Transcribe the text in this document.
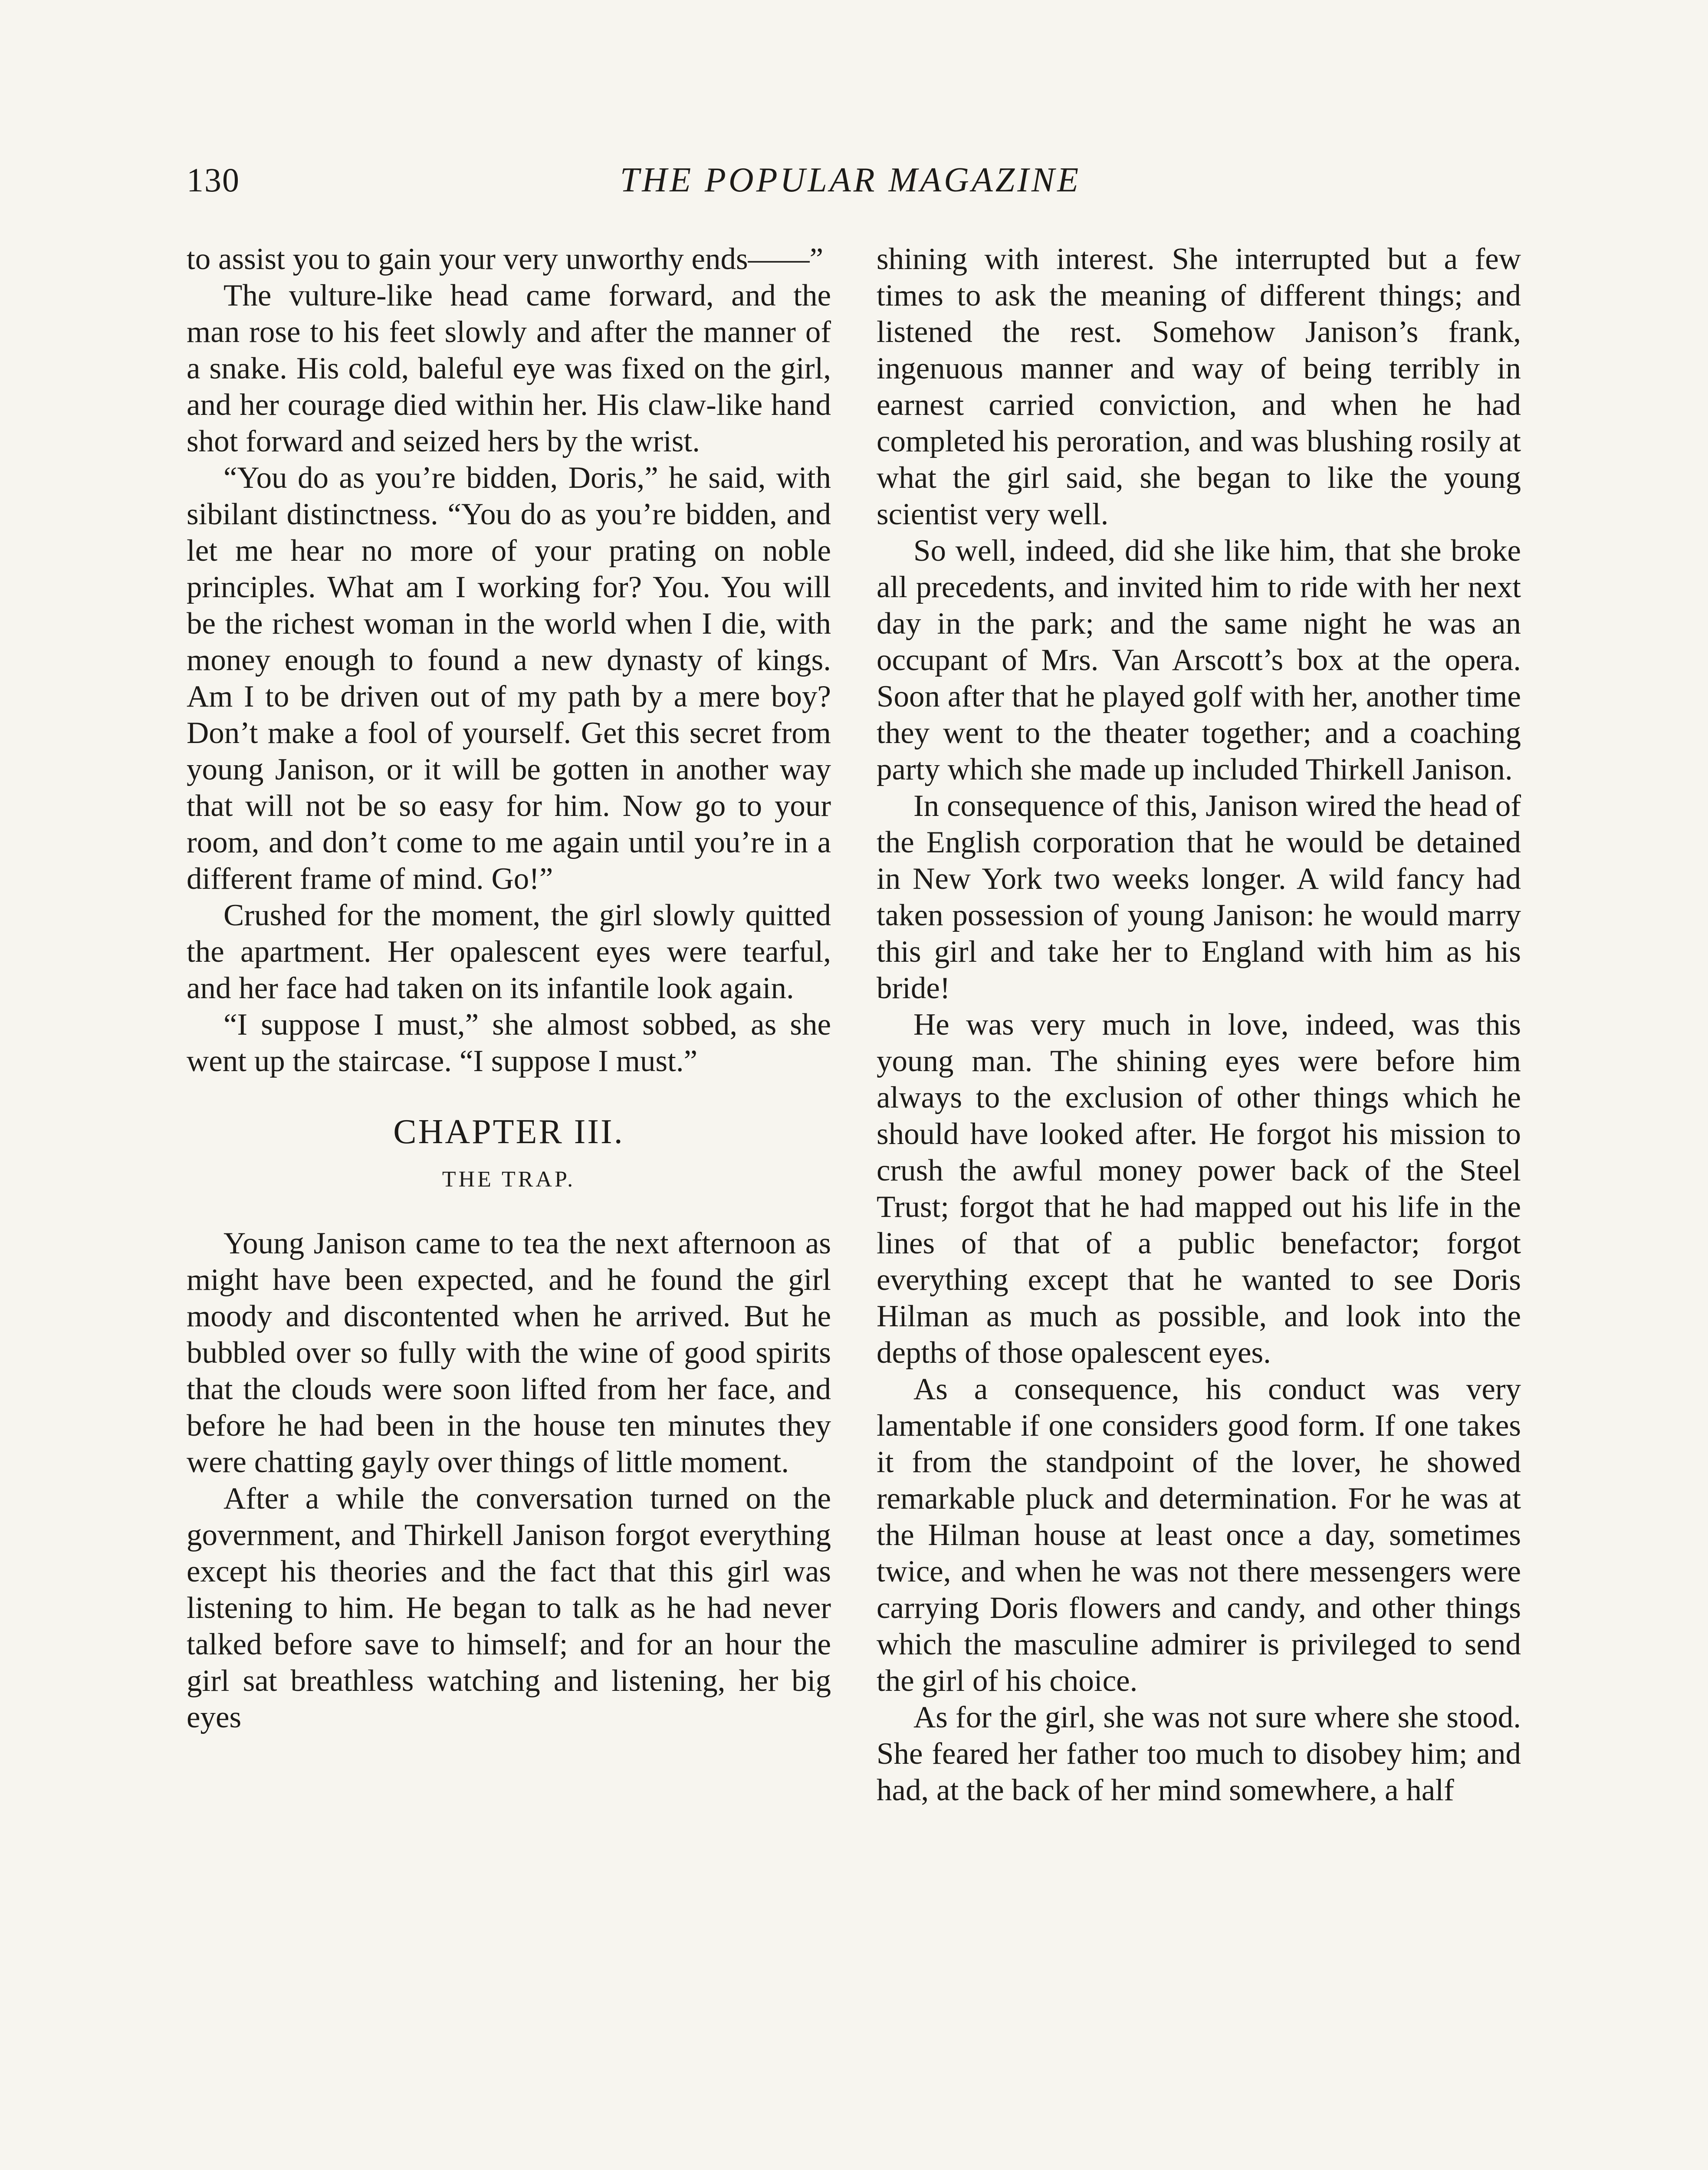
130	THE POPULAR MAGAZINE

to assist you to gain your very unworthy ends——”

The vulture-like head came forward, and the man rose to his feet slowly and after the manner of a snake. His cold, baleful eye was fixed on the girl, and her courage died within her. His claw-like hand shot forward and seized hers by the wrist.

“You do as you’re bidden, Doris,” he said, with sibilant distinctness. “You do as you’re bidden, and let me hear no more of your prating on noble principles. What am I working for? You. You will be the richest woman in the world when I die, with money enough to found a new dynasty of kings. Am I to be driven out of my path by a mere boy? Don’t make a fool of yourself. Get this secret from young Janison, or it will be gotten in another way that will not be so easy for him. Now go to your room, and don’t come to me again until you’re in a different frame of mind. Go!”

Crushed for the moment, the girl slowly quitted the apartment. Her opalescent eyes were tearful, and her face had taken on its infantile look again.

“I suppose I must,” she almost sobbed, as she went up the staircase. “I suppose I must.”

CHAPTER III.
THE TRAP.

Young Janison came to tea the next afternoon as might have been expected, and he found the girl moody and discontented when he arrived. But he bubbled over so fully with the wine of good spirits that the clouds were soon lifted from her face, and before he had been in the house ten minutes they were chatting gayly over things of little moment.

After a while the conversation turned on the government, and Thirkell Janison forgot everything except his theories and the fact that this girl was listening to him. He began to talk as he had never talked before save to himself; and for an hour the girl sat breathless watching and listening, her big eyes

shining with interest. She interrupted but a few times to ask the meaning of different things; and listened the rest. Somehow Janison’s frank, ingenuous manner and way of being terribly in earnest carried conviction, and when he had completed his peroration, and was blushing rosily at what the girl said, she began to like the young scientist very well.

So well, indeed, did she like him, that she broke all precedents, and invited him to ride with her next day in the park; and the same night he was an occupant of Mrs. Van Arscott’s box at the opera. Soon after that he played golf with her, another time they went to the theater together; and a coaching party which she made up included Thirkell Janison.

In consequence of this, Janison wired the head of the English corporation that he would be detained in New York two weeks longer. A wild fancy had taken possession of young Janison: he would marry this girl and take her to England with him as his bride!

He was very much in love, indeed, was this young man. The shining eyes were before him always to the exclusion of other things which he should have looked after. He forgot his mission to crush the awful money power back of the Steel Trust; forgot that he had mapped out his life in the lines of that of a public benefactor; forgot everything except that he wanted to see Doris Hilman as much as possible, and look into the depths of those opalescent eyes.

As a consequence, his conduct was very lamentable if one considers good form. If one takes it from the standpoint of the lover, he showed remarkable pluck and determination. For he was at the Hilman house at least once a day, sometimes twice, and when he was not there messengers were carrying Doris flowers and candy, and other things which the masculine admirer is privileged to send the girl of his choice.

As for the girl, she was not sure where she stood. She feared her father too much to disobey him; and had, at the back of her mind somewhere, a half
